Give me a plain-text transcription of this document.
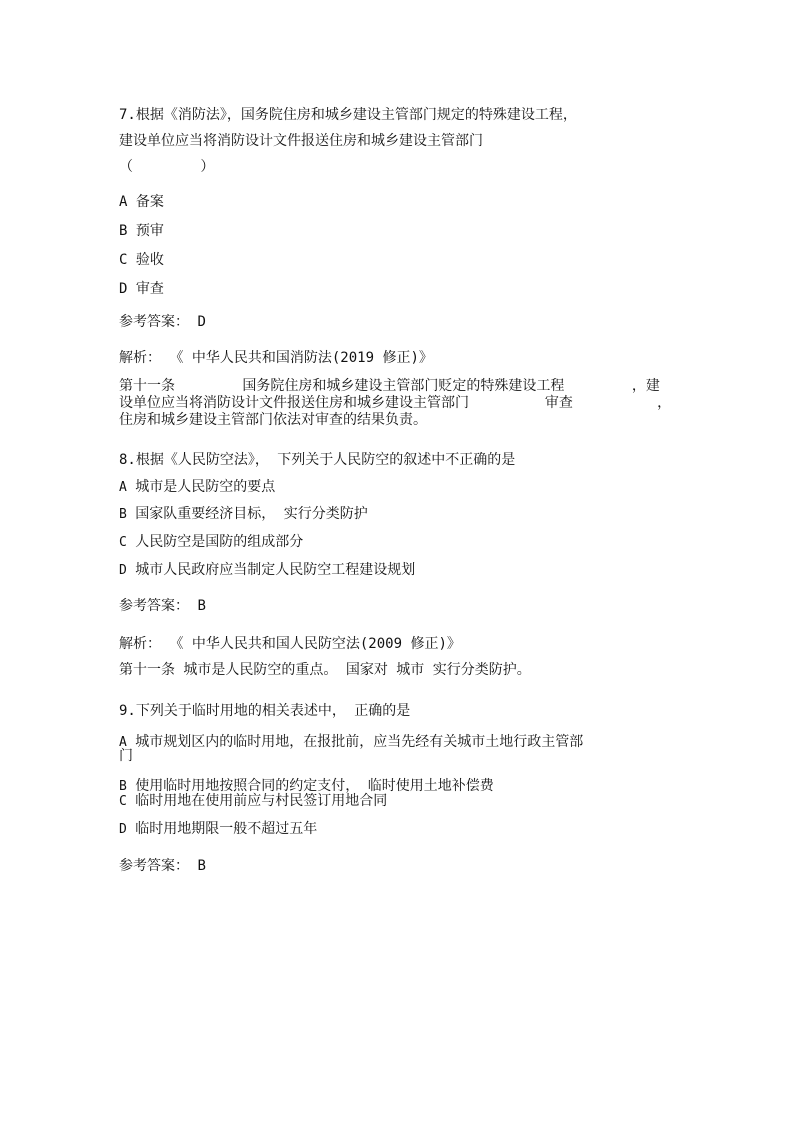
7.根据《消防法》，国务院住房和城乡建设主管部门规定的特殊建设工程，
建设单位应当将消防设计文件报送住房和城乡建设主管部门
（        ）
A 备案
B 预审
C 验收
D 审查
参考答案： D
解析： 《 中华人民共和国消防法(2019 修正)》
第十一条        国务院住房和城乡建设主管部门贬定的特殊建设工程        ，建
设单位应当将消防设计文件报送住房和城乡建设主管部门         审查          ，
住房和城乡建设主管部门依法对审查的结果负责。
8.根据《人民防空法》， 下列关于人民防空的叙述中不正确的是
A 城市是人民防空的要点
B 国家队重要经济目标， 实行分类防护
C 人民防空是国防的组成部分
D 城市人民政府应当制定人民防空工程建设规划
参考答案： B
解析： 《 中华人民共和国人民防空法(2009 修正)》
第十一条 城市是人民防空的重点。 国家对 城市 实行分类防护。
9.下列关于临时用地的相关表述中， 正确的是
A 城市规划区内的临时用地，在报批前，应当先经有关城市土地行政主管部
门
B 使用临时用地按照合同的约定支付， 临时使用土地补偿费
C 临时用地在使用前应与村民签订用地合同
D 临时用地期限一般不超过五年
参考答案： B
